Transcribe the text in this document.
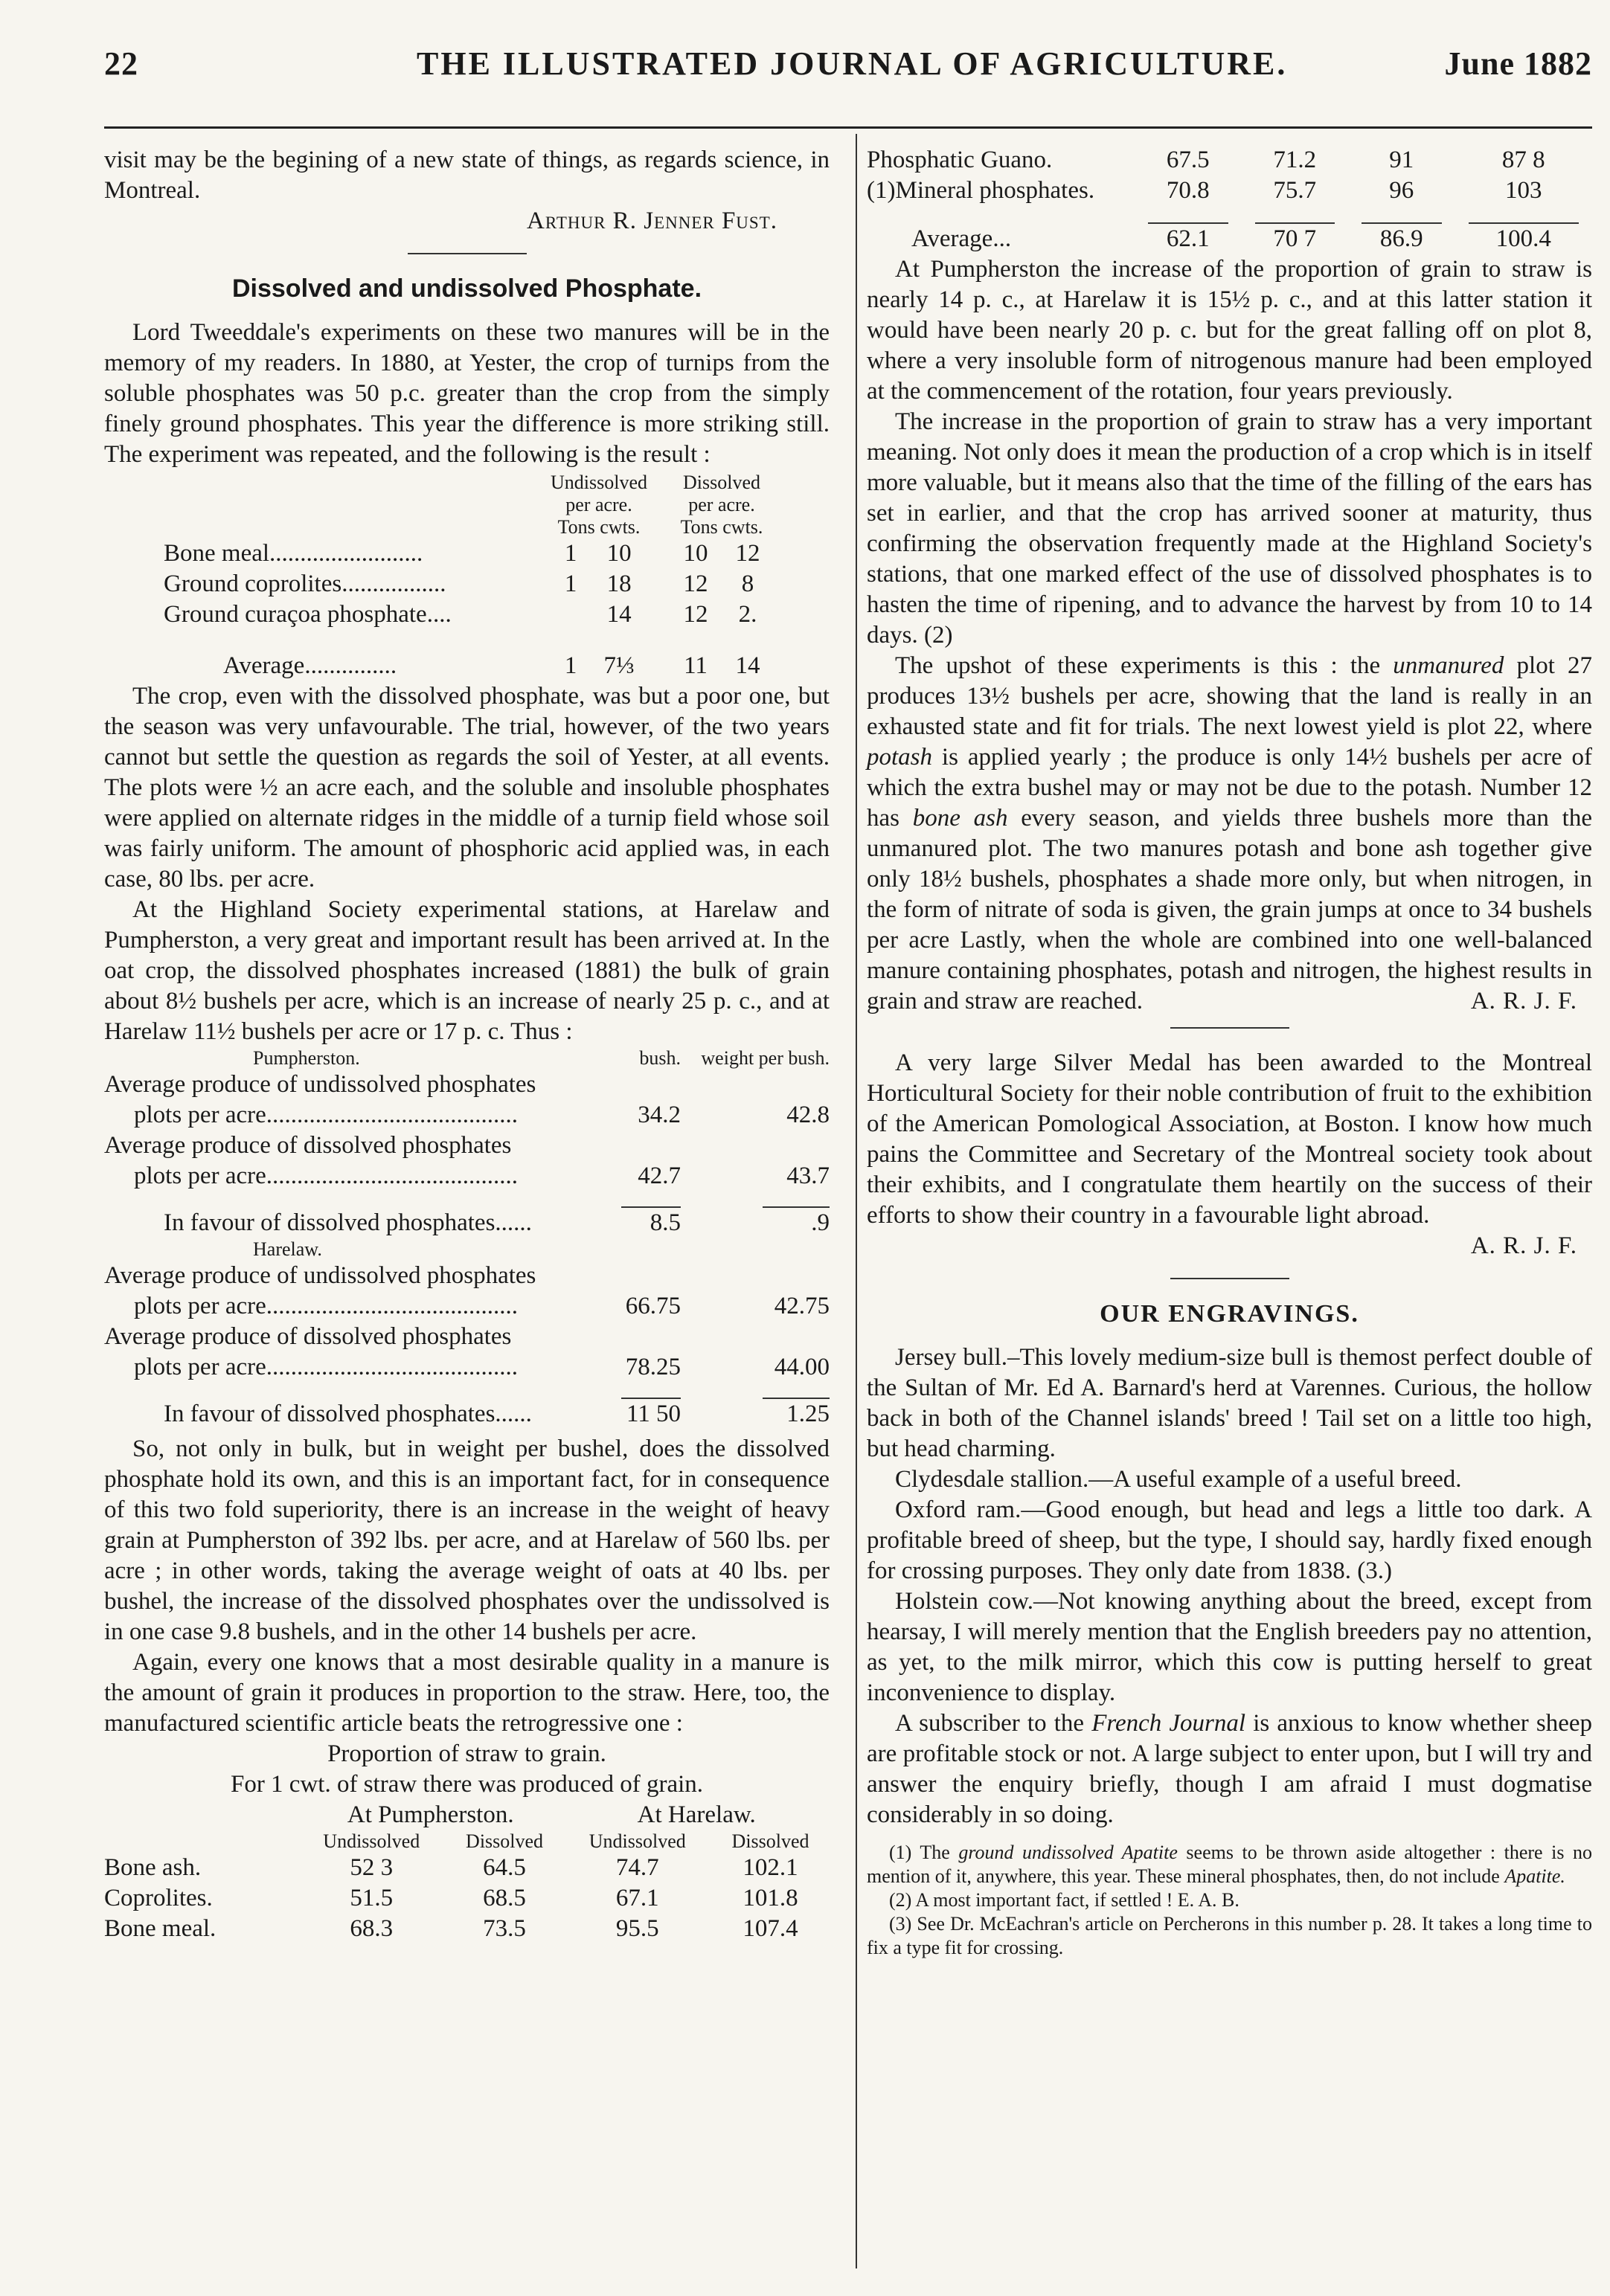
22	THE ILLUSTRATED JOURNAL OF AGRICULTURE.	June 1882

visit may be the begining of a new state of things, as regards science, in Montreal.

Arthur R. Jenner Fust.
Dissolved and undissolved Phosphate.

Lord Tweeddale's experiments on these two manures will be in the memory of my readers. In 1880, at Yester, the crop of turnips from the soluble phosphates was 50 p.c. greater than the crop from the simply finely ground phosphates. This year the difference is more striking still. The experiment was repeated, and the following is the result :

	Undissolved			Dissolved	
	per acre.			per acre.	
	Tons cwts.			Tons cwts.	
Bone meal.........................	1	10		10	12
Ground coprolites.................	1	18		12	8
Ground curaçoa phosphate....		14		12	2.

Average...............	1	7⅓		11	14

The crop, even with the dissolved phosphate, was but a poor one, but the season was very unfavourable. The trial, however, of the two years cannot but settle the question as regards the soil of Yester, at all events. The plots were ½ an acre each, and the soluble and insoluble phosphates were applied on alternate ridges in the middle of a turnip field whose soil was fairly uniform. The amount of phosphoric acid applied was, in each case, 80 lbs. per acre.

At the Highland Society experimental stations, at Harelaw and Pumpherston, a very great and important result has been arrived at. In the oat crop, the dissolved phosphates increased (1881) the bulk of grain about 8½ bushels per acre, which is an increase of nearly 25 p. c., and at Harelaw 11½ bushels per acre or 17 p. c. Thus :

Pumpherston.	bush.	weight per bush.
Average produce of undissolved phosphates		
plots per acre.........................................	34.2	42.8
Average produce of dissolved phosphates		
plots per acre.........................................	42.7	43.7

In favour of dissolved phosphates......	8.5	.9
Harelaw.		
Average produce of undissolved phosphates		
plots per acre.........................................	66.75	42.75
Average produce of dissolved phosphates		
plots per acre.........................................	78.25	44.00

In favour of dissolved phosphates......	11 50	1.25

So, not only in bulk, but in weight per bushel, does the dissolved phosphate hold its own, and this is an important fact, for in consequence of this two fold superiority, there is an increase in the weight of heavy grain at Pumpherston of 392 lbs. per acre, and at Harelaw of 560 lbs. per acre ; in other words, taking the average weight of oats at 40 lbs. per bushel, the increase of the dissolved phosphates over the undissolved is in one case 9.8 bushels, and in the other 14 bushels per acre.

Again, every one knows that a most desirable quality in a manure is the amount of grain it produces in proportion to the straw. Here, too, the manufactured scientific article beats the retrogressive one :

Proportion of straw to grain.
For 1 cwt. of straw there was produced of grain.
	At Pumpherston.		At Harelaw.	
	Undissolved	Dissolved	Undissolved	Dissolved
Bone ash.	52 3	64.5	74.7	102.1
Coprolites.	51.5	68.5	67.1	101.8
Bone meal.	68.3	73.5	95.5	107.4
Phosphatic Guano.	67.5	71.2	91	87 8
(1)Mineral phosphates.	70.8	75.7	96	103

Average...	62.1	70 7	86.9	100.4

At Pumpherston the increase of the proportion of grain to straw is nearly 14 p. c., at Harelaw it is 15½ p. c., and at this latter station it would have been nearly 20 p. c. but for the great falling off on plot 8, where a very insoluble form of nitrogenous manure had been employed at the commencement of the rotation, four years previously.

The increase in the proportion of grain to straw has a very important meaning. Not only does it mean the production of a crop which is in itself more valuable, but it means also that the time of the filling of the ears has set in earlier, and that the crop has arrived sooner at maturity, thus confirming the observation frequently made at the Highland Society's stations, that one marked effect of the use of dissolved phosphates is to hasten the time of ripening, and to advance the harvest by from 10 to 14 days. (2)

The upshot of these experiments is this : the unmanured plot 27 produces 13½ bushels per acre, showing that the land is really in an exhausted state and fit for trials. The next lowest yield is plot 22, where potash is applied yearly ; the produce is only 14½ bushels per acre of which the extra bushel may or may not be due to the potash. Number 12 has bone ash every season, and yields three bushels more than the unmanured plot. The two manures potash and bone ash together give only 18½ bushels, phosphates a shade more only, but when nitrogen, in the form of nitrate of soda is given, the grain jumps at once to 34 bushels per acre Lastly, when the whole are combined into one well-balanced manure containing phosphates, potash and nitrogen, the highest results in grain and straw are reached.	A. R. J. F.

A very large Silver Medal has been awarded to the Montreal Horticultural Society for their noble contribution of fruit to the exhibition of the American Pomological Association, at Boston. I know how much pains the Committee and Secretary of the Montreal society took about their exhibits, and I congratulate them heartily on the success of their efforts to show their country in a favourable light abroad.

A. R. J. F.
OUR ENGRAVINGS.

Jersey bull.–This lovely medium-size bull is themost perfect double of the Sultan of Mr. Ed A. Barnard's herd at Varennes. Curious, the hollow back in both of the Channel islands' breed ! Tail set on a little too high, but head charming.

Clydesdale stallion.—A useful example of a useful breed.

Oxford ram.—Good enough, but head and legs a little too dark. A profitable breed of sheep, but the type, I should say, hardly fixed enough for crossing purposes. They only date from 1838. (3.)

Holstein cow.—Not knowing anything about the breed, except from hearsay, I will merely mention that the English breeders pay no attention, as yet, to the milk mirror, which this cow is putting herself to great inconvenience to display.

A subscriber to the French Journal is anxious to know whether sheep are profitable stock or not. A large subject to enter upon, but I will try and answer the enquiry briefly, though I am afraid I must dogmatise considerably in so doing.

(1) The ground undissolved Apatite seems to be thrown aside altogether : there is no mention of it, anywhere, this year. These mineral phosphates, then, do not include Apatite.

(2) A most important fact, if settled ! E. A. B.

(3) See Dr. McEachran's article on Percherons in this number p. 28. It takes a long time to fix a type fit for crossing.
